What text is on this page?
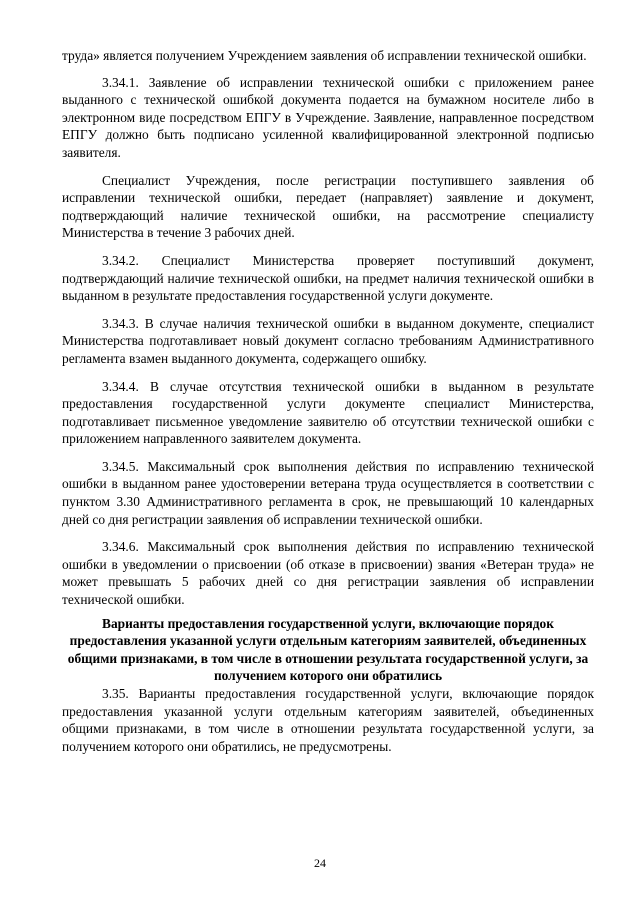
труда» является получением Учреждением заявления об исправлении технической ошибки.

3.34.1. Заявление об исправлении технической ошибки с приложением ранее выданного с технической ошибкой документа подается на бумажном носителе либо в электронном виде посредством ЕПГУ в Учреждение. Заявление, направленное посредством ЕПГУ должно быть подписано усиленной квалифицированной электронной подписью заявителя.

Специалист Учреждения, после регистрации поступившего заявления об исправлении технической ошибки, передает (направляет) заявление и документ, подтверждающий наличие технической ошибки, на рассмотрение специалисту Министерства в течение 3 рабочих дней.

3.34.2. Специалист Министерства проверяет поступивший документ, подтверждающий наличие технической ошибки, на предмет наличия технической ошибки в выданном в результате предоставления государственной услуги документе.

3.34.3. В случае наличия технической ошибки в выданном документе, специалист Министерства подготавливает новый документ согласно требованиям Административного регламента взамен выданного документа, содержащего ошибку.

3.34.4. В случае отсутствия технической ошибки в выданном в результате предоставления государственной услуги документе специалист Министерства, подготавливает письменное уведомление заявителю об отсутствии технической ошибки с приложением направленного заявителем документа.

3.34.5. Максимальный срок выполнения действия по исправлению технической ошибки в выданном ранее удостоверении ветерана труда осуществляется в соответствии с пунктом 3.30 Административного регламента в срок, не превышающий 10 календарных дней со дня регистрации заявления об исправлении технической ошибки.

3.34.6. Максимальный срок выполнения действия по исправлению технической ошибки в уведомлении о присвоении (об отказе в присвоении) звания «Ветеран труда» не может превышать 5 рабочих дней со дня регистрации заявления об исправлении технической ошибки.

Варианты предоставления государственной услуги, включающие порядок предоставления указанной услуги отдельным категориям заявителей, объединенных общими признаками, в том числе в отношении результата государственной услуги, за получением которого они обратились

3.35. Варианты предоставления государственной услуги, включающие порядок предоставления указанной услуги отдельным категориям заявителей, объединенных общими признаками, в том числе в отношении результата государственной услуги, за получением которого они обратились, не предусмотрены.

24
